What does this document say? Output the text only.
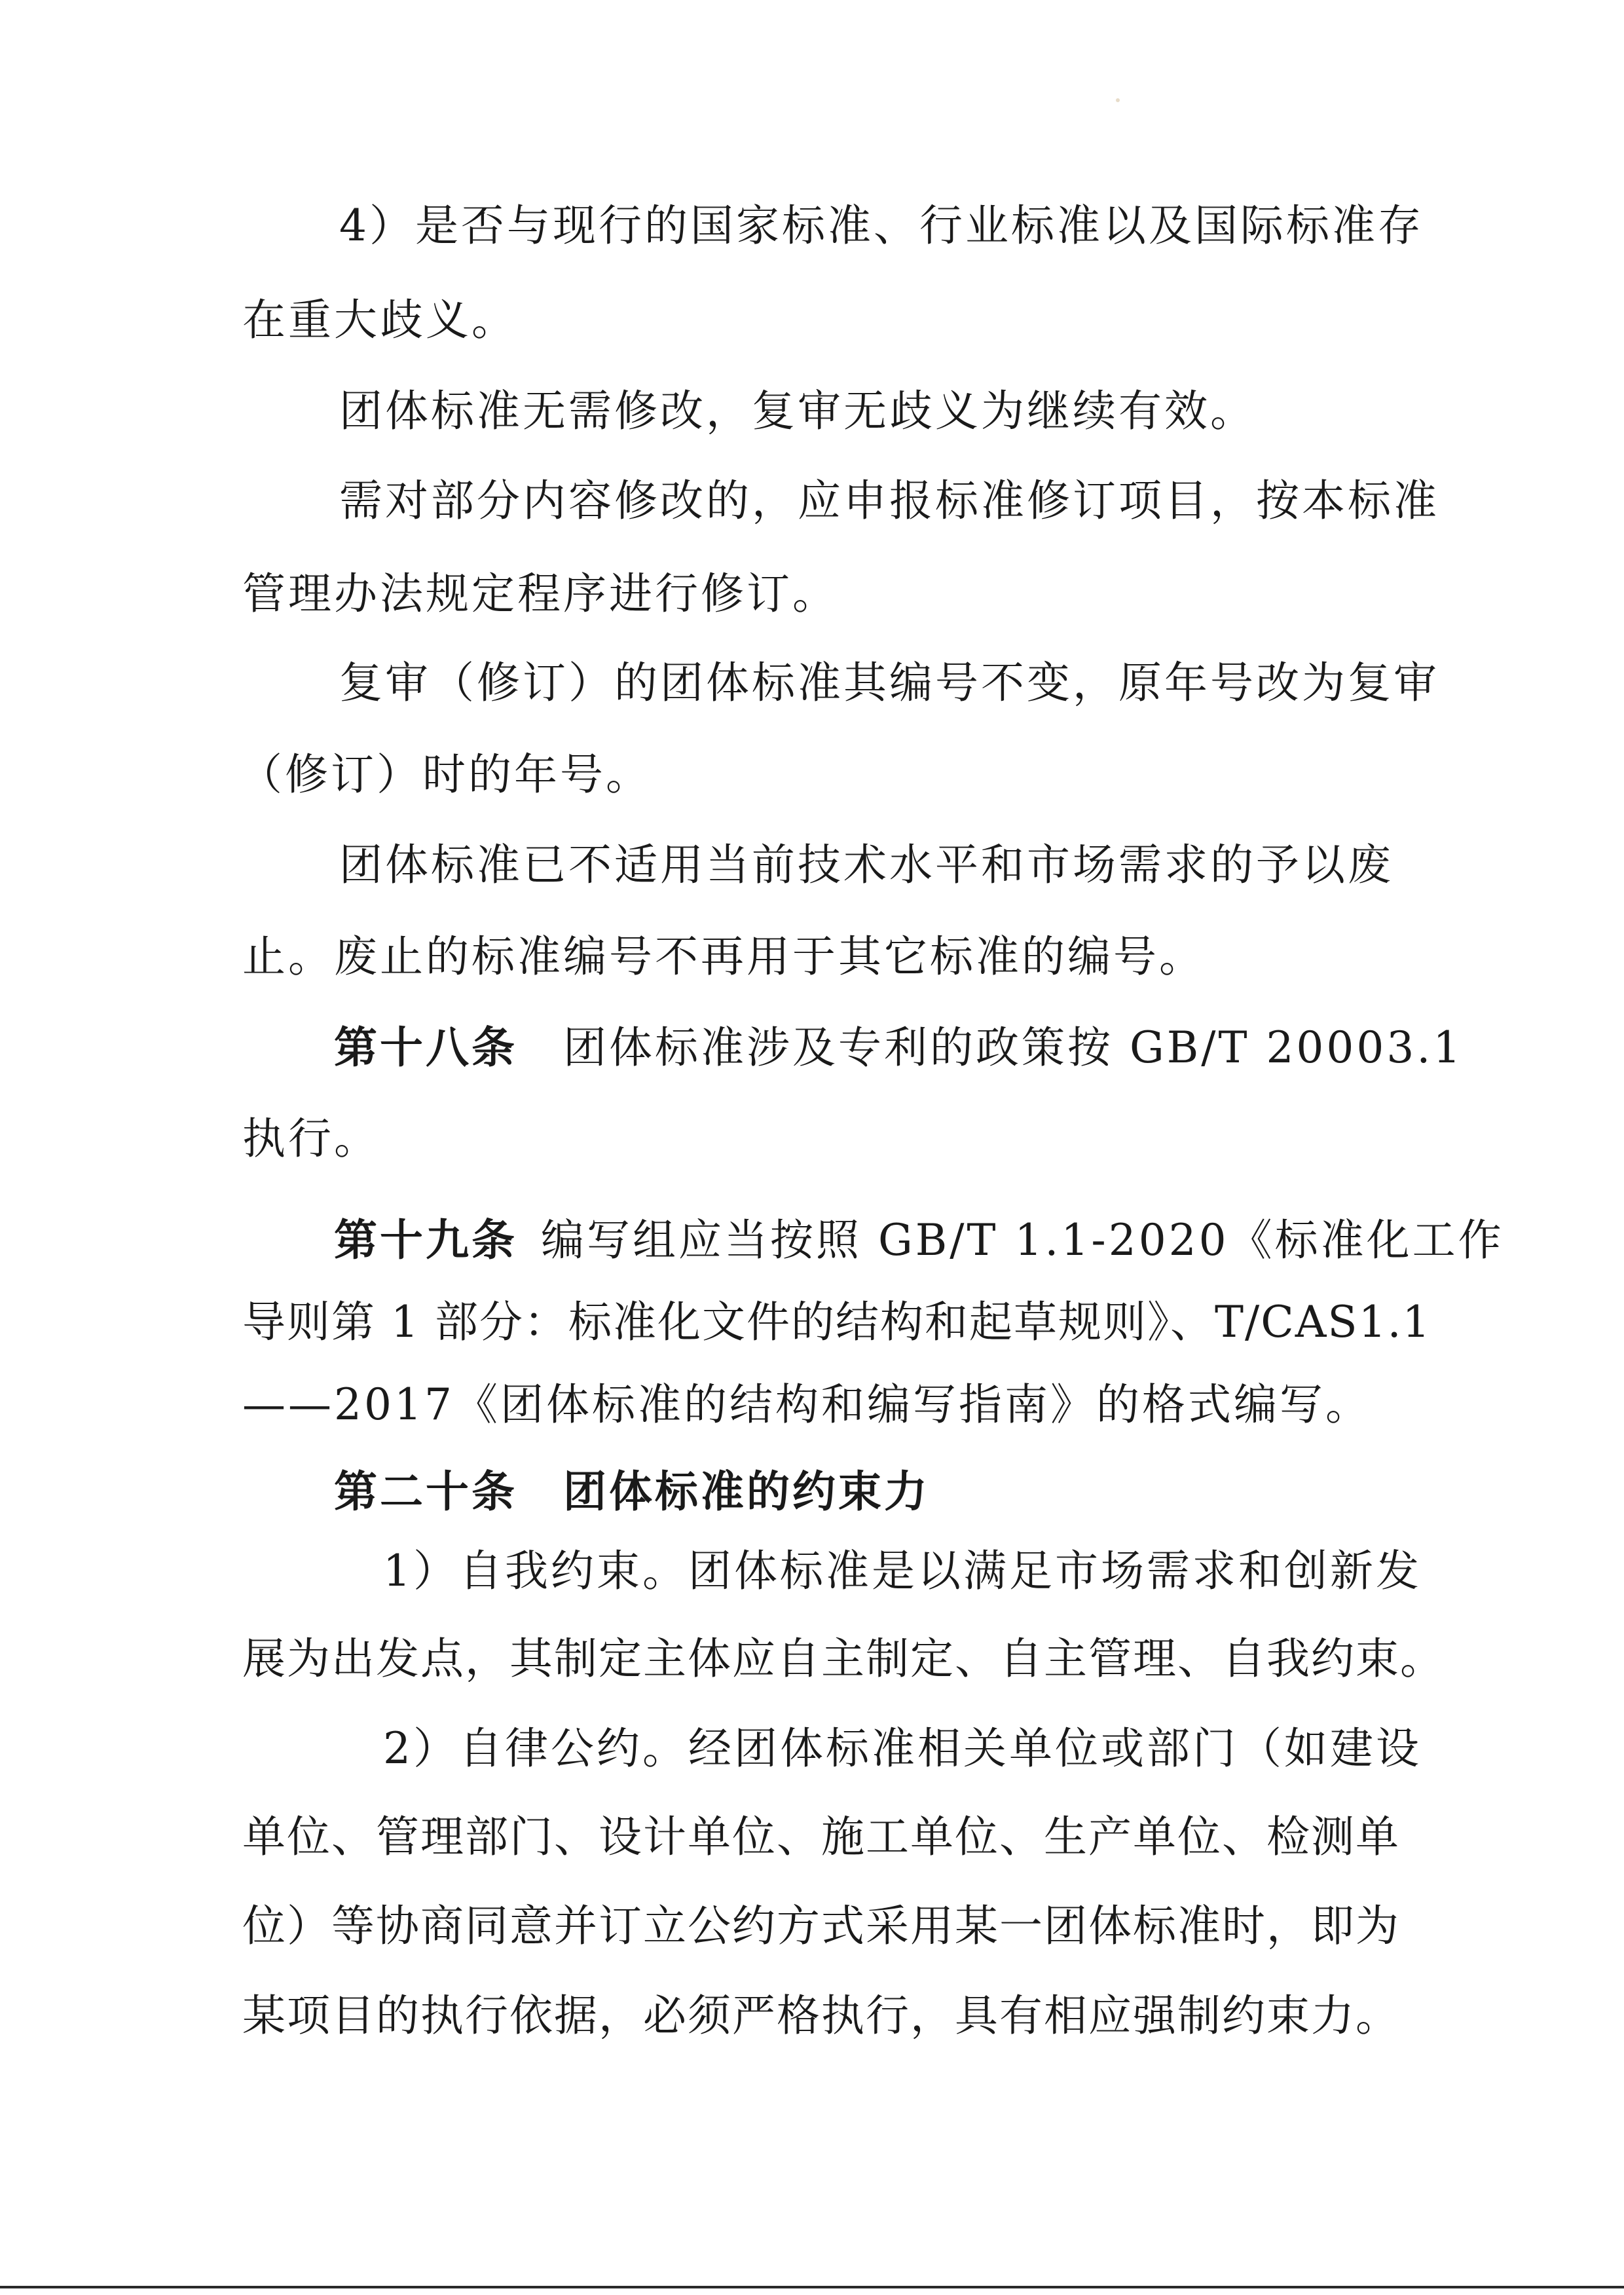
4）是否与现行的国家标准、行业标准以及国际标准存
在重大歧义。
团体标准无需修改，复审无歧义为继续有效。
需对部分内容修改的，应申报标准修订项目，按本标准
管理办法规定程序进行修订。
复审（修订）的团体标准其编号不变，原年号改为复审
（修订）时的年号。
团体标准已不适用当前技术水平和市场需求的予以废
止。废止的标准编号不再用于其它标准的编号。
第十八条 团体标准涉及专利的政策按 GB/T 20003.1
执行。
第十九条 编写组应当按照 GB/T 1.1-2020《标准化工作
导则第 1 部分：标准化文件的结构和起草规则》、T/CAS1.1
——2017《团体标准的结构和编写指南》的格式编写。
第二十条 团体标准的约束力
1）自我约束。团体标准是以满足市场需求和创新发
展为出发点，其制定主体应自主制定、自主管理、自我约束。
2）自律公约。经团体标准相关单位或部门（如建设
单位、管理部门、设计单位、施工单位、生产单位、检测单
位）等协商同意并订立公约方式采用某一团体标准时，即为
某项目的执行依据，必须严格执行，具有相应强制约束力。
